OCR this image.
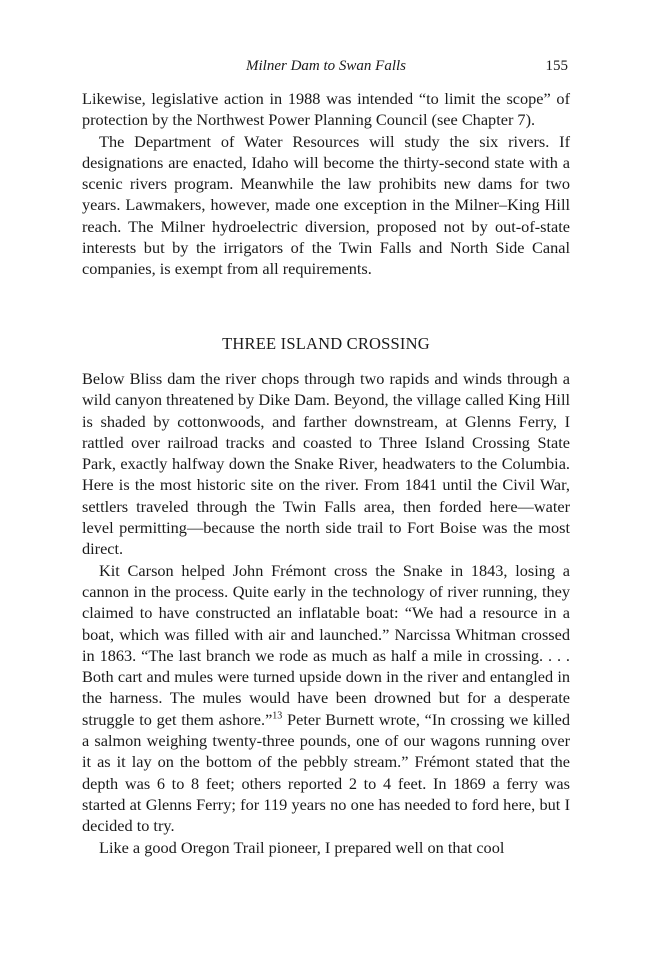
Milner Dam to Swan Falls	155

Likewise, legislative action in 1988 was intended “to limit the scope” of protection by the Northwest Power Planning Council (see Chapter 7).

The Department of Water Resources will study the six rivers. If designations are enacted, Idaho will become the thirty-second state with a scenic rivers program. Meanwhile the law prohibits new dams for two years. Lawmakers, however, made one exception in the Milner–King Hill reach. The Milner hydroelectric diversion, proposed not by out-of-state interests but by the irrigators of the Twin Falls and North Side Canal companies, is exempt from all requirements.

THREE ISLAND CROSSING

Below Bliss dam the river chops through two rapids and winds through a wild canyon threatened by Dike Dam. Beyond, the village called King Hill is shaded by cottonwoods, and farther downstream, at Glenns Ferry, I rattled over railroad tracks and coasted to Three Island Crossing State Park, exactly halfway down the Snake River, headwaters to the Columbia. Here is the most historic site on the river. From 1841 until the Civil War, settlers traveled through the Twin Falls area, then forded here—water level permitting—because the north side trail to Fort Boise was the most direct.

Kit Carson helped John Frémont cross the Snake in 1843, losing a cannon in the process. Quite early in the technology of river running, they claimed to have constructed an inflatable boat: “We had a resource in a boat, which was filled with air and launched.” Narcissa Whitman crossed in 1863. “The last branch we rode as much as half a mile in crossing. . . . Both cart and mules were turned upside down in the river and entangled in the harness. The mules would have been drowned but for a desperate struggle to get them ashore.”$^{13}$ Peter Burnett wrote, “In crossing we killed a salmon weighing twenty-three pounds, one of our wagons running over it as it lay on the bottom of the pebbly stream.” Frémont stated that the depth was 6 to 8 feet; others reported 2 to 4 feet. In 1869 a ferry was started at Glenns Ferry; for 119 years no one has needed to ford here, but I decided to try.

Like a good Oregon Trail pioneer, I prepared well on that cool
